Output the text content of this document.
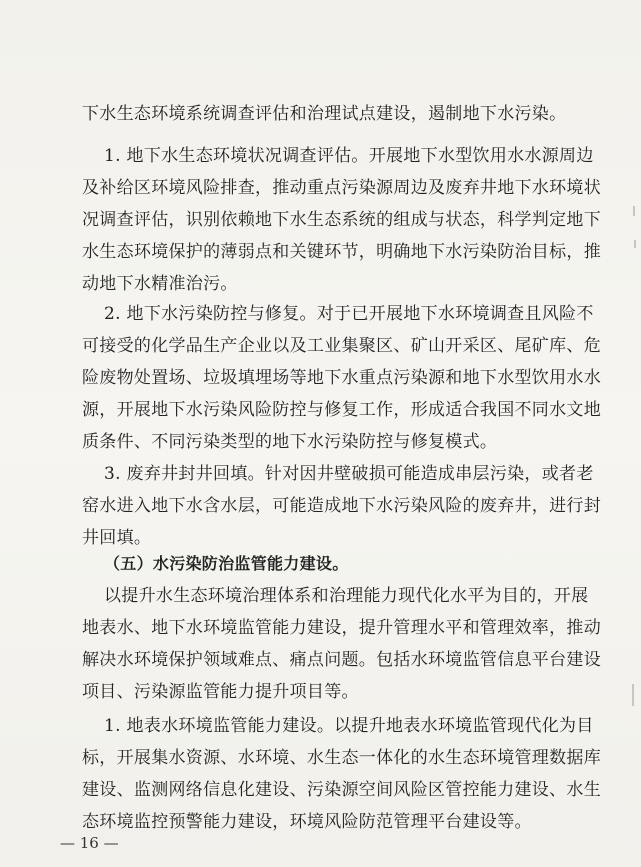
下水生态环境系统调查评估和治理试点建设，遏制地下水污染。
1. 地下水生态环境状况调查评估。开展地下水型饮用水水源周边
及补给区环境风险排查，推动重点污染源周边及废弃井地下水环境状
况调查评估，识别依赖地下水生态系统的组成与状态，科学判定地下
水生态环境保护的薄弱点和关键环节，明确地下水污染防治目标，推
动地下水精准治污。
2. 地下水污染防控与修复。对于已开展地下水环境调查且风险不
可接受的化学品生产企业以及工业集聚区、矿山开采区、尾矿库、危
险废物处置场、垃圾填埋场等地下水重点污染源和地下水型饮用水水
源，开展地下水污染风险防控与修复工作，形成适合我国不同水文地
质条件、不同污染类型的地下水污染防控与修复模式。
3. 废弃井封井回填。针对因井壁破损可能造成串层污染，或者老
窑水进入地下水含水层，可能造成地下水污染风险的废弃井，进行封
井回填。
（五）水污染防治监管能力建设。
以提升水生态环境治理体系和治理能力现代化水平为目的，开展
地表水、地下水环境监管能力建设，提升管理水平和管理效率，推动
解决水环境保护领域难点、痛点问题。包括水环境监管信息平台建设
项目、污染源监管能力提升项目等。
1. 地表水环境监管能力建设。以提升地表水环境监管现代化为目
标，开展集水资源、水环境、水生态一体化的水生态环境管理数据库
建设、监测网络信息化建设、污染源空间风险区管控能力建设、水生
态环境监控预警能力建设，环境风险防范管理平台建设等。
— 16 —
